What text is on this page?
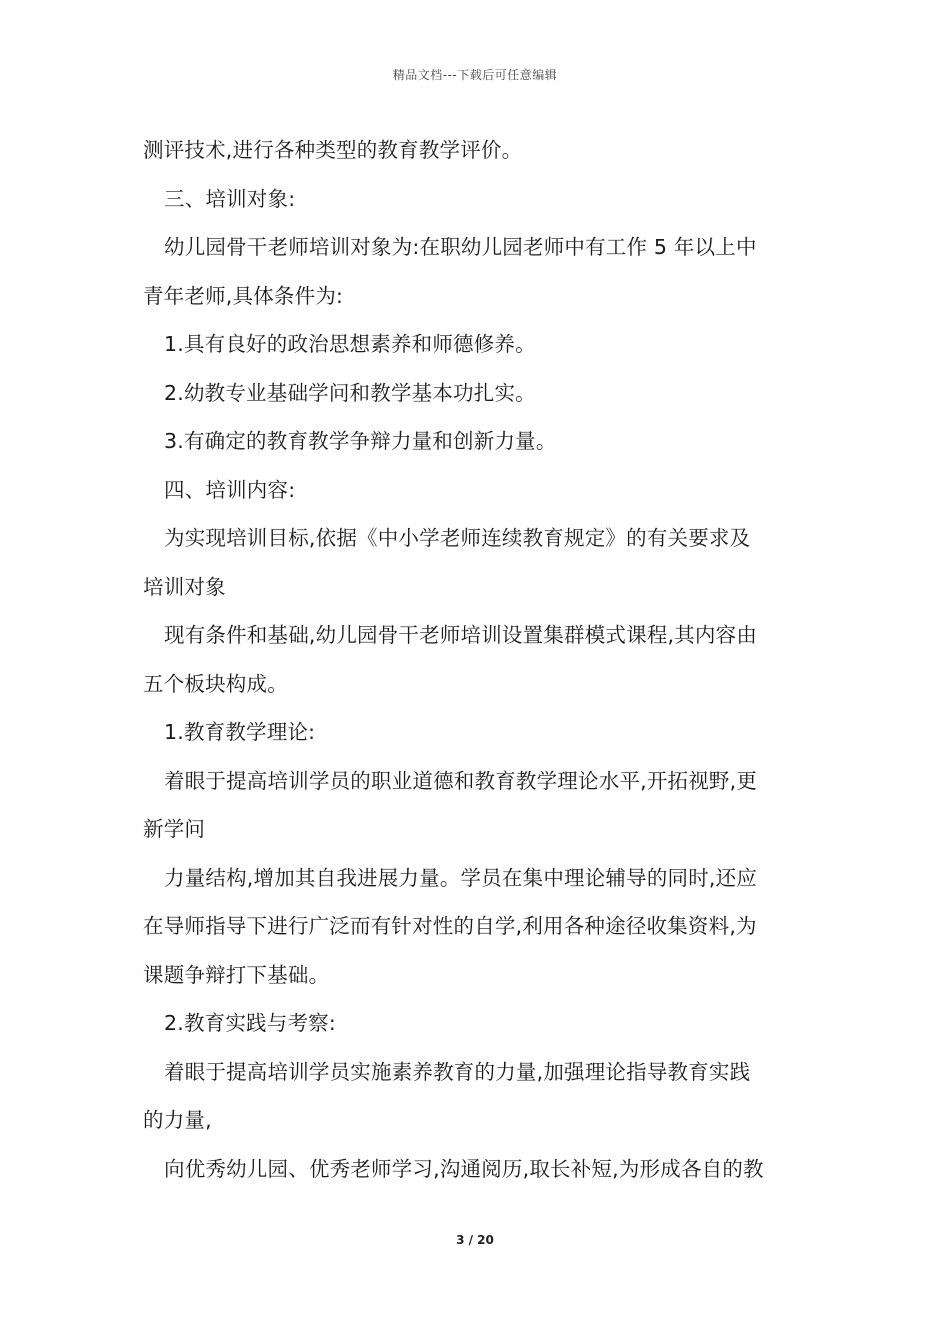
精品文档---下载后可任意编辑
测评技术,进行各种类型的教育教学评价。
三、培训对象:
幼儿园骨干老师培训对象为:在职幼儿园老师中有工作 5 年以上中
青年老师,具体条件为:
1.具有良好的政治思想素养和师德修养。
2.幼教专业基础学问和教学基本功扎实。
3.有确定的教育教学争辩力量和创新力量。
四、培训内容:
为实现培训目标,依据《中小学老师连续教育规定》的有关要求及
培训对象
现有条件和基础,幼儿园骨干老师培训设置集群模式课程,其内容由
五个板块构成。
1.教育教学理论:
着眼于提高培训学员的职业道德和教育教学理论水平,开拓视野,更
新学问
力量结构,增加其自我进展力量。学员在集中理论辅导的同时,还应
在导师指导下进行广泛而有针对性的自学,利用各种途径收集资料,为
课题争辩打下基础。
2.教育实践与考察:
着眼于提高培训学员实施素养教育的力量,加强理论指导教育实践
的力量,
向优秀幼儿园、优秀老师学习,沟通阅历,取长补短,为形成各自的教
3 / 20
